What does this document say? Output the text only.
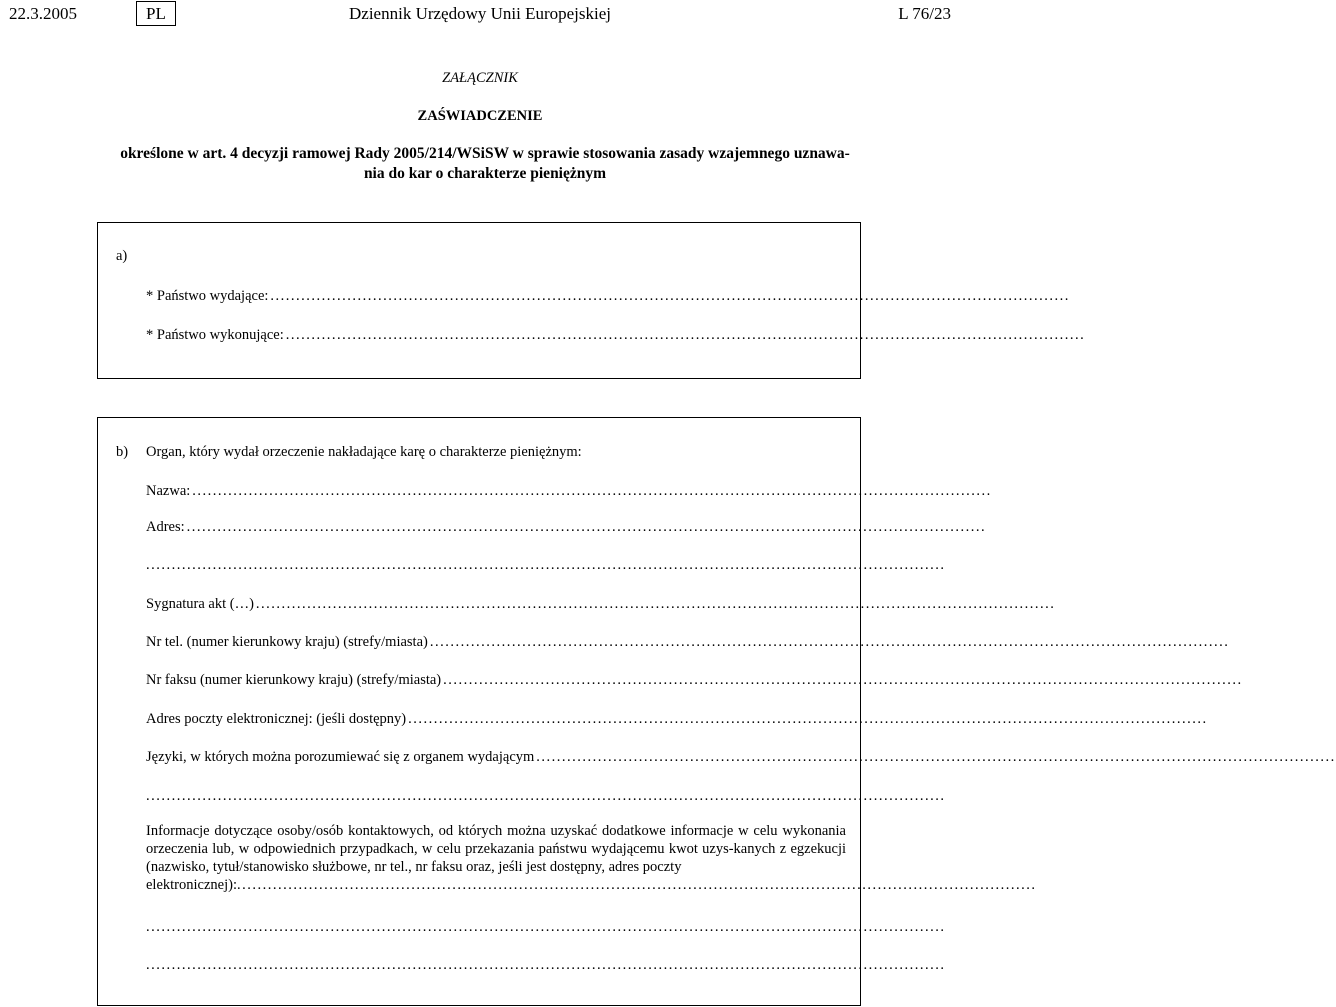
22.3.2005	PL	Dziennik Urzędowy Unii Europejskiej	L 76/23
ZAŁĄCZNIK
ZAŚWIADCZENIE
określone w art. 4 decyzji ramowej Rady 2005/214/WSiSW w sprawie stosowania zasady wzajemnego uznawa-
nia do kar o charakterze pieniężnym
a)
* Państwo wydające: ............................................................................................................................................................
* Państwo wykonujące: ............................................................................................................................................................
b) Organ, który wydał orzeczenie nakładające karę o charakterze pieniężnym:
Nazwa: ............................................................................................................................................................
Adres: ............................................................................................................................................................
............................................................................................................................................................
Sygnatura akt (…) ............................................................................................................................................................
Nr tel. (numer kierunkowy kraju) (strefy/miasta) ............................................................................................................................................................
Nr faksu (numer kierunkowy kraju) (strefy/miasta) ............................................................................................................................................................
Adres poczty elektronicznej: (jeśli dostępny) ............................................................................................................................................................
Języki, w których można porozumiewać się z organem wydającym ............................................................................................................................................................
............................................................................................................................................................
Informacje dotyczące osoby/osób kontaktowych, od których można uzyskać dodatkowe informacje w celu wykonania orzeczenia lub, w odpowiednich przypadkach, w celu przekazania państwu wydającemu kwot uzys-kanych z egzekucji (nazwisko, tytuł/stanowisko służbowe, nr tel., nr faksu oraz, jeśli jest dostępny, adres poczty
elektronicznej):............................................................................................................................................................
............................................................................................................................................................
............................................................................................................................................................
